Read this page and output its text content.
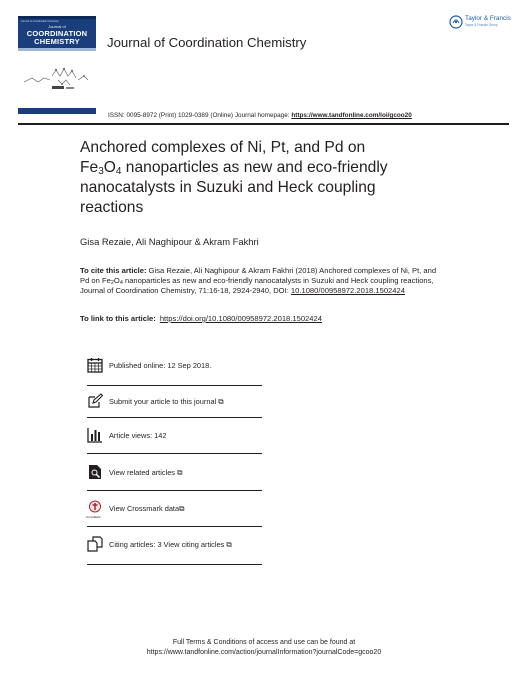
Journal of Coordination Chemistry
Journal of
COORDINATION
CHEMISTRY	Journal of Coordination Chemistry
Taylor & Francis
Taylor & Francis Group
ISSN: 0095-8972 (Print) 1029-0389 (Online) Journal homepage: https://www.tandfonline.com/loi/gcoo20
Anchored complexes of Ni, Pt, and Pd on
$Fe_3O_4$ nanoparticles as new and eco-friendly
nanocatalysts in Suzuki and Heck coupling
reactions
Gisa Rezaie, Ali Naghipour & Akram Fakhri
To cite this article: Gisa Rezaie, Ali Naghipour & Akram Fakhri (2018) Anchored complexes of Ni, Pt, and Pd on $Fe_2O_4$ nanoparticles as new and eco-friendly nanocatalysts in Suzuki and Heck coupling reactions, Journal of Coordination Chemistry, 71:16-18, 2924-2940, DOI: 10.1080/00958972.2018.1502424
To link to this article: https://doi.org/10.1080/00958972.2018.1502424
Published online: 12 Sep 2018.
Submit your article to this journal ⧉
Article views: 142
View related articles ⧉
CrossMark
View Crossmark data⧉
Citing articles: 3 View citing articles ⧉
Full Terms & Conditions of access and use can be found at
https://www.tandfonline.com/action/journalInformation?journalCode=gcoo20
